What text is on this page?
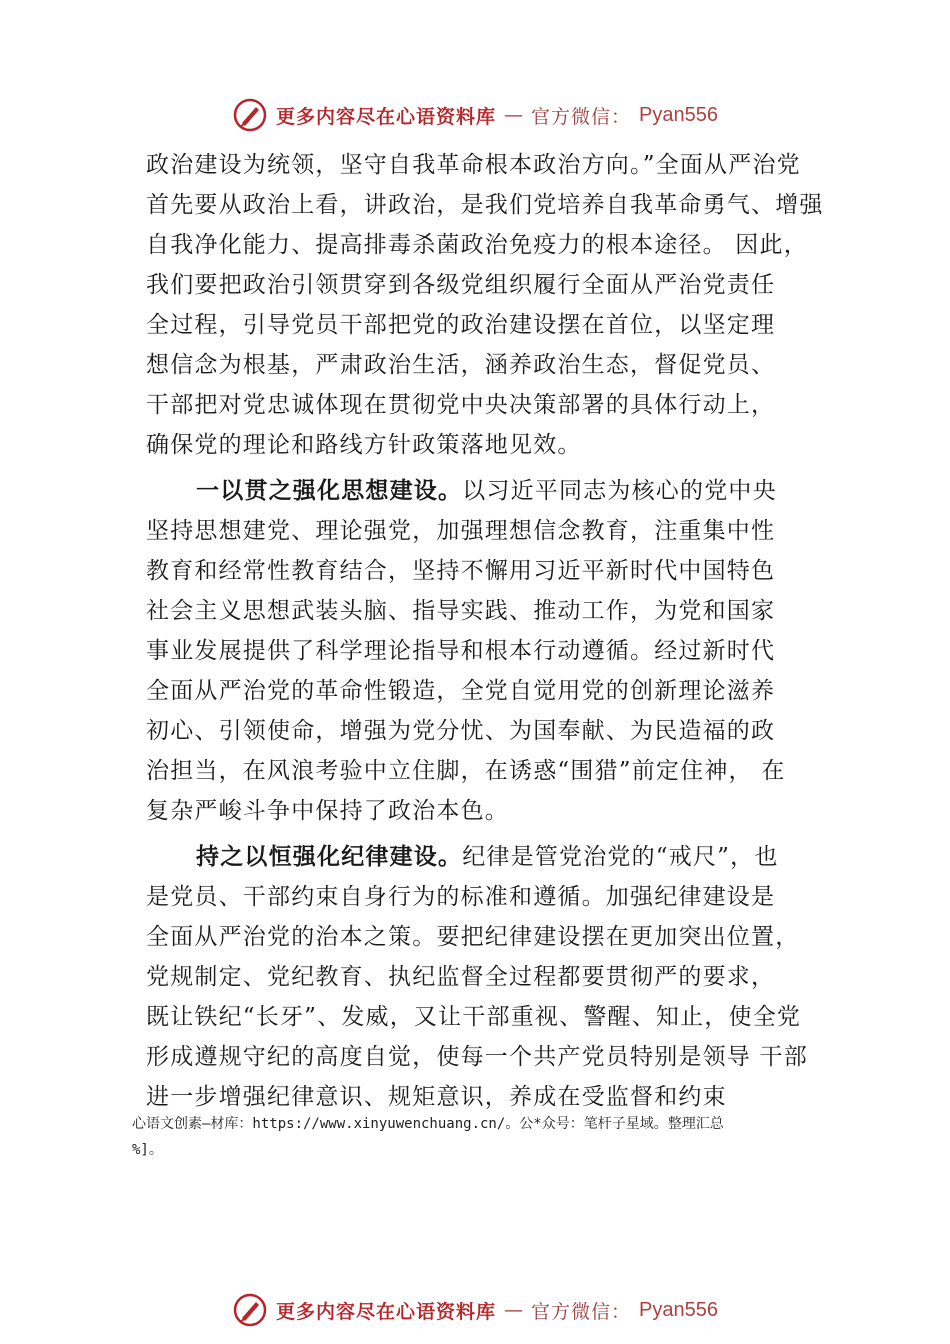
更多内容尽在心语资料库 — 官方微信： Pyan556
政治建设为统领，坚守自我革命根本政治方向。”全面从严治党
首先要从政治上看，讲政治，是我们党培养自我革命勇气、增强
自我净化能力、提高排毒杀菌政治免疫力的根本途径。 因此，
我们要把政治引领贯穿到各级党组织履行全面从严治党责任
全过程，引导党员干部把党的政治建设摆在首位，以坚定理
想信念为根基，严肃政治生活，涵养政治生态，督促党员、
干部把对党忠诚体现在贯彻党中央决策部署的具体行动上，
确保党的理论和路线方针政策落地见效。
一以贯之强化思想建设。以习近平同志为核心的党中央
坚持思想建党、理论强党，加强理想信念教育，注重集中性
教育和经常性教育结合，坚持不懈用习近平新时代中国特色
社会主义思想武装头脑、指导实践、推动工作，为党和国家
事业发展提供了科学理论指导和根本行动遵循。经过新时代
全面从严治党的革命性锻造，全党自觉用党的创新理论滋养
初心、引领使命，增强为党分忧、为国奉献、为民造福的政
治担当，在风浪考验中立住脚，在诱惑“围猎”前定住神， 在
复杂严峻斗争中保持了政治本色。
持之以恒强化纪律建设。纪律是管党治党的“戒尺”，也
是党员、干部约束自身行为的标准和遵循。加强纪律建设是
全面从严治党的治本之策。要把纪律建设摆在更加突出位置，
党规制定、党纪教育、执纪监督全过程都要贯彻严的要求，
既让铁纪“长牙”、发威，又让干部重视、警醒、知止，使全党
形成遵规守纪的高度自觉，使每一个共产党员特别是领导 干部
进一步增强纪律意识、规矩意识，养成在受监督和约束
心语文创素—材库：https://www.xinyuwenchuang.cn/。公*众号：笔杆子星域。整理汇总
%]。
更多内容尽在心语资料库 — 官方微信： Pyan556
